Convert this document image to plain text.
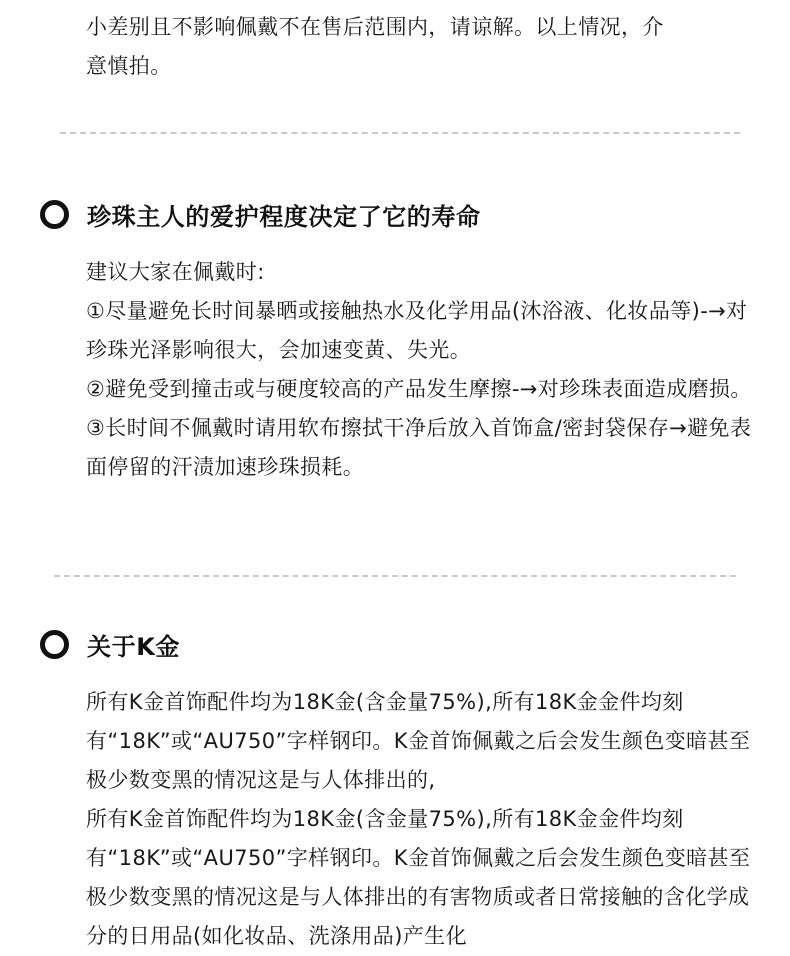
小差别且不影响佩戴不在售后范围内，请谅解。以上情况，介

意慎拍。

珍珠主人的爱护程度决定了它的寿命

建议大家在佩戴时:

①尽量避免长时间暴晒或接触热水及化学用品(沐浴液、化妆品等)-→对珍珠光泽影响很大，会加速变黄、失光。

②避免受到撞击或与硬度较高的产品发生摩擦-→对珍珠表面造成磨损。

③长时间不佩戴时请用软布擦拭干净后放入首饰盒/密封袋保存→避免表面停留的汗渍加速珍珠损耗。

关于K金

所有K金首饰配件均为18K金(含金量75%),所有18K金金件均刻有“18K”或“AU750”字样钢印。K金首饰佩戴之后会发生颜色变暗甚至极少数变黑的情况这是与人体排出的,

所有K金首饰配件均为18K金(含金量75%),所有18K金金件均刻有“18K”或“AU750”字样钢印。K金首饰佩戴之后会发生颜色变暗甚至极少数变黑的情况这是与人体排出的有害物质或者日常接触的含化学成分的日用品(如化妆品、洗涤用品)产生化
